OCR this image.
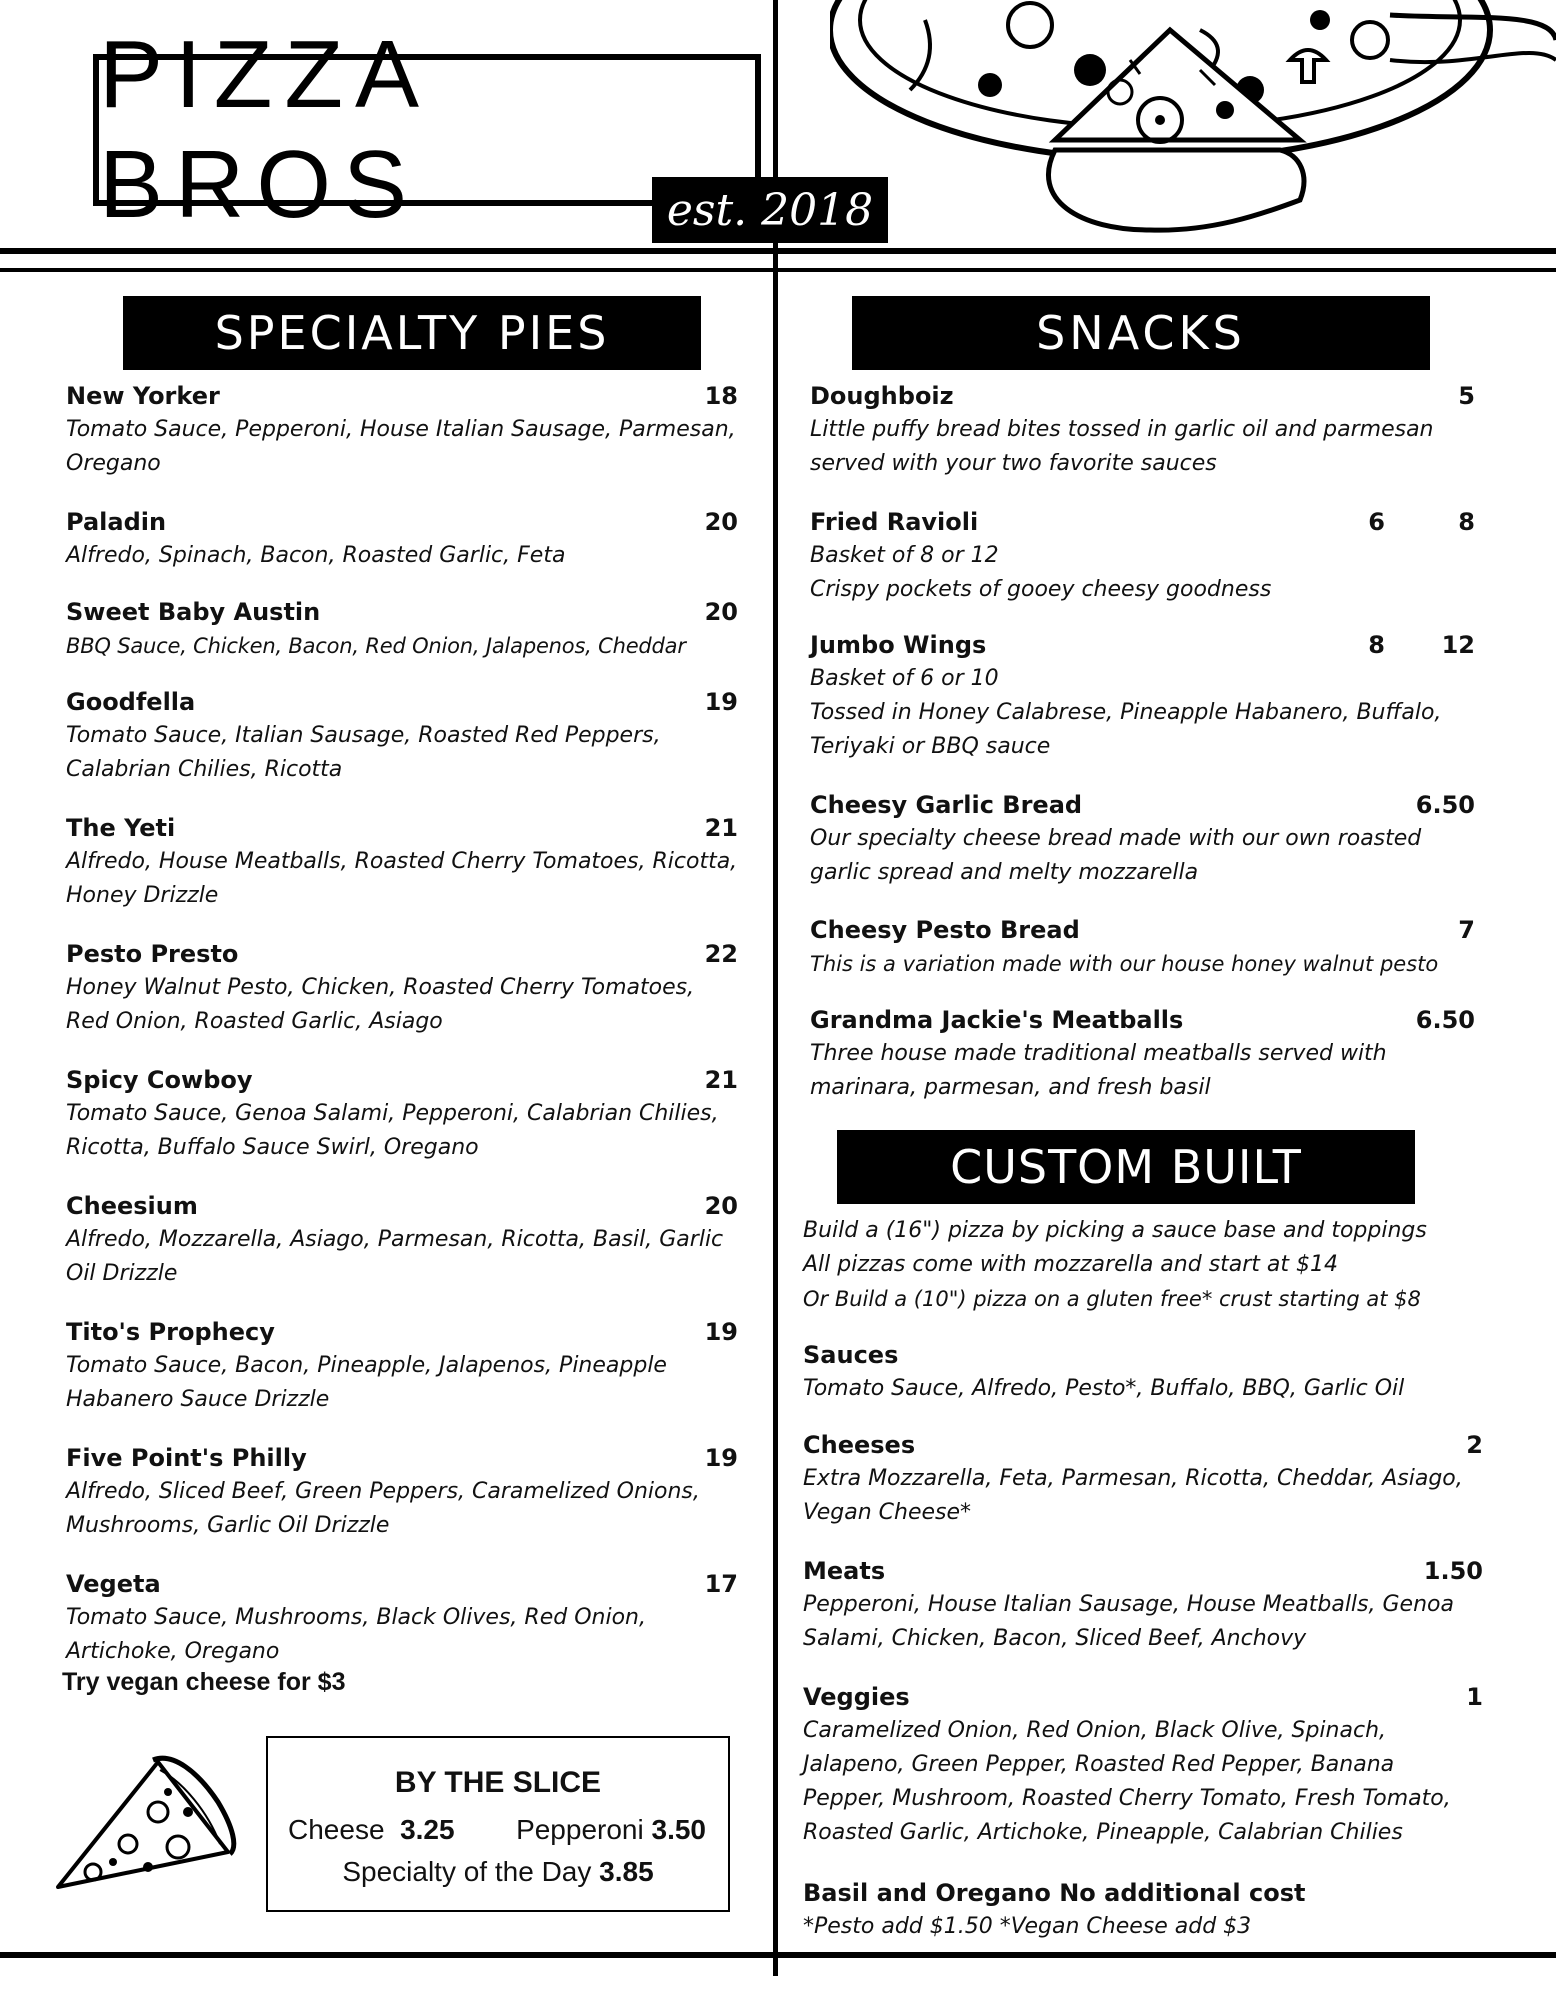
PIZZA BROS	est. 2018
SPECIALTY PIES
New Yorker	18
Tomato Sauce, Pepperoni, House Italian Sausage, Parmesan, Oregano
Paladin	20
Alfredo, Spinach, Bacon, Roasted Garlic, Feta
Sweet Baby Austin	20
BBQ Sauce, Chicken, Bacon, Red Onion, Jalapenos, Cheddar
Goodfella	19
Tomato Sauce, Italian Sausage, Roasted Red Peppers, Calabrian Chilies, Ricotta
The Yeti	21
Alfredo, House Meatballs, Roasted Cherry Tomatoes, Ricotta, Honey Drizzle
Pesto Presto	22
Honey Walnut Pesto, Chicken, Roasted Cherry Tomatoes, Red Onion, Roasted Garlic, Asiago
Spicy Cowboy	21
Tomato Sauce, Genoa Salami, Pepperoni, Calabrian Chilies, Ricotta, Buffalo Sauce Swirl, Oregano
Cheesium	20
Alfredo, Mozzarella, Asiago, Parmesan, Ricotta, Basil, Garlic Oil Drizzle
Tito's Prophecy	19
Tomato Sauce, Bacon, Pineapple, Jalapenos, Pineapple Habanero Sauce Drizzle
Five Point's Philly	19
Alfredo, Sliced Beef, Green Peppers, Caramelized Onions, Mushrooms, Garlic Oil Drizzle
Vegeta	17
Tomato Sauce, Mushrooms, Black Olives, Red Onion, Artichoke, Oregano
Try vegan cheese for $3
BY THE SLICE
Cheese 3.25 Pepperoni 3.50
Specialty of the Day 3.85
SNACKS
Doughboiz	5
Little puffy bread bites tossed in garlic oil and parmesan
served with your two favorite sauces
Fried Ravioli	6	8
Basket of 8 or 12
Crispy pockets of gooey cheesy goodness
Jumbo Wings	8 12
Basket of 6 or 10
Tossed in Honey Calabrese, Pineapple Habanero, Buffalo,
Teriyaki or BBQ sauce
Cheesy Garlic Bread	6.50
Our specialty cheese bread made with our own roasted
garlic spread and melty mozzarella
Cheesy Pesto Bread	7
This is a variation made with our house honey walnut pesto
Grandma Jackie's Meatballs	6.50
Three house made traditional meatballs served with
marinara, parmesan, and fresh basil
CUSTOM BUILT
Build a (16") pizza by picking a sauce base and toppings
All pizzas come with mozzarella and start at $14
Or Build a (10") pizza on a gluten free* crust starting at $8
Sauces
Tomato Sauce, Alfredo, Pesto*, Buffalo, BBQ, Garlic Oil
Cheeses	2
Extra Mozzarella, Feta, Parmesan, Ricotta, Cheddar, Asiago,
Vegan Cheese*
Meats	1.50
Pepperoni, House Italian Sausage, House Meatballs, Genoa
Salami, Chicken, Bacon, Sliced Beef, Anchovy
Veggies	1
Caramelized Onion, Red Onion, Black Olive, Spinach,
Jalapeno, Green Pepper, Roasted Red Pepper, Banana
Pepper, Mushroom, Roasted Cherry Tomato, Fresh Tomato,
Roasted Garlic, Artichoke, Pineapple, Calabrian Chilies
Basil and Oregano No additional cost
*Pesto add $1.50 *Vegan Cheese add $3
